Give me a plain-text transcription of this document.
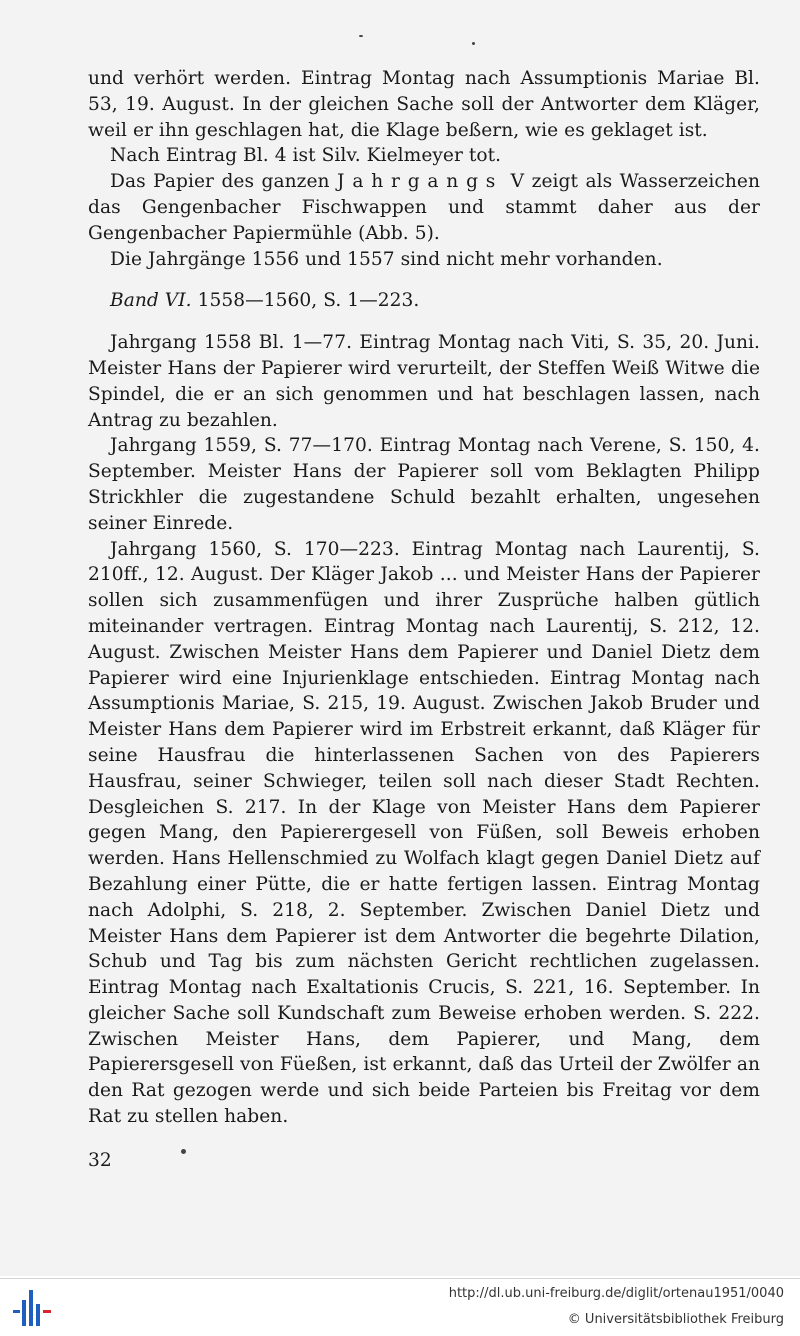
und verhört werden. Eintrag Montag nach Assumptionis Mariae Bl. 53, 19. August. In der gleichen Sache soll der Antworter dem Kläger, weil er ihn geschlagen hat, die Klage beßern, wie es geklaget ist.

Nach Eintrag Bl. 4 ist Silv. Kielmeyer tot.

Das Papier des ganzen Jahrgangs V zeigt als Wasserzeichen das Gengenbacher Fischwappen und stammt daher aus der Gengenbacher Papiermühle (Abb. 5).

Die Jahrgänge 1556 und 1557 sind nicht mehr vorhanden.

Band VI. 1558—1560, S. 1—223.

Jahrgang 1558 Bl. 1—77. Eintrag Montag nach Viti, S. 35, 20. Juni. Meister Hans der Papierer wird verurteilt, der Steffen Weiß Witwe die Spindel, die er an sich genommen und hat beschlagen lassen, nach Antrag zu bezahlen.

Jahrgang 1559, S. 77—170. Eintrag Montag nach Verene, S. 150, 4. September. Meister Hans der Papierer soll vom Beklagten Philipp Strickhler die zugestandene Schuld bezahlt erhalten, ungesehen seiner Einrede.

Jahrgang 1560, S. 170—223. Eintrag Montag nach Laurentij, S. 210ff., 12. August. Der Kläger Jakob ... und Meister Hans der Papierer sollen sich zusammenfügen und ihrer Zusprüche halben gütlich miteinander vertragen. Eintrag Montag nach Laurentij, S. 212, 12. August. Zwischen Meister Hans dem Papierer und Daniel Dietz dem Papierer wird eine Injurienklage entschieden. Eintrag Montag nach Assumptionis Mariae, S. 215, 19. August. Zwischen Jakob Bruder und Meister Hans dem Papierer wird im Erbstreit erkannt, daß Kläger für seine Hausfrau die hinterlassenen Sachen von des Papierers Hausfrau, seiner Schwieger, teilen soll nach dieser Stadt Rechten. Desgleichen S. 217. In der Klage von Meister Hans dem Papierer gegen Mang, den Papierergesell von Füßen, soll Beweis erhoben werden. Hans Hellenschmied zu Wolfach klagt gegen Daniel Dietz auf Bezahlung einer Pütte, die er hatte fertigen lassen. Eintrag Montag nach Adolphi, S. 218, 2. September. Zwischen Daniel Dietz und Meister Hans dem Papierer ist dem Antworter die begehrte Dilation, Schub und Tag bis zum nächsten Gericht rechtlichen zugelassen. Eintrag Montag nach Exaltationis Crucis, S. 221, 16. September. In gleicher Sache soll Kundschaft zum Beweise erhoben werden. S. 222. Zwischen Meister Hans, dem Papierer, und Mang, dem Papierersgesell von Füeßen, ist erkannt, daß das Urteil der Zwölfer an den Rat gezogen werde und sich beide Parteien bis Freitag vor dem Rat zu stellen haben.

32
http://dl.ub.uni-freiburg.de/diglit/ortenau1951/0040
© Universitätsbibliothek Freiburg
